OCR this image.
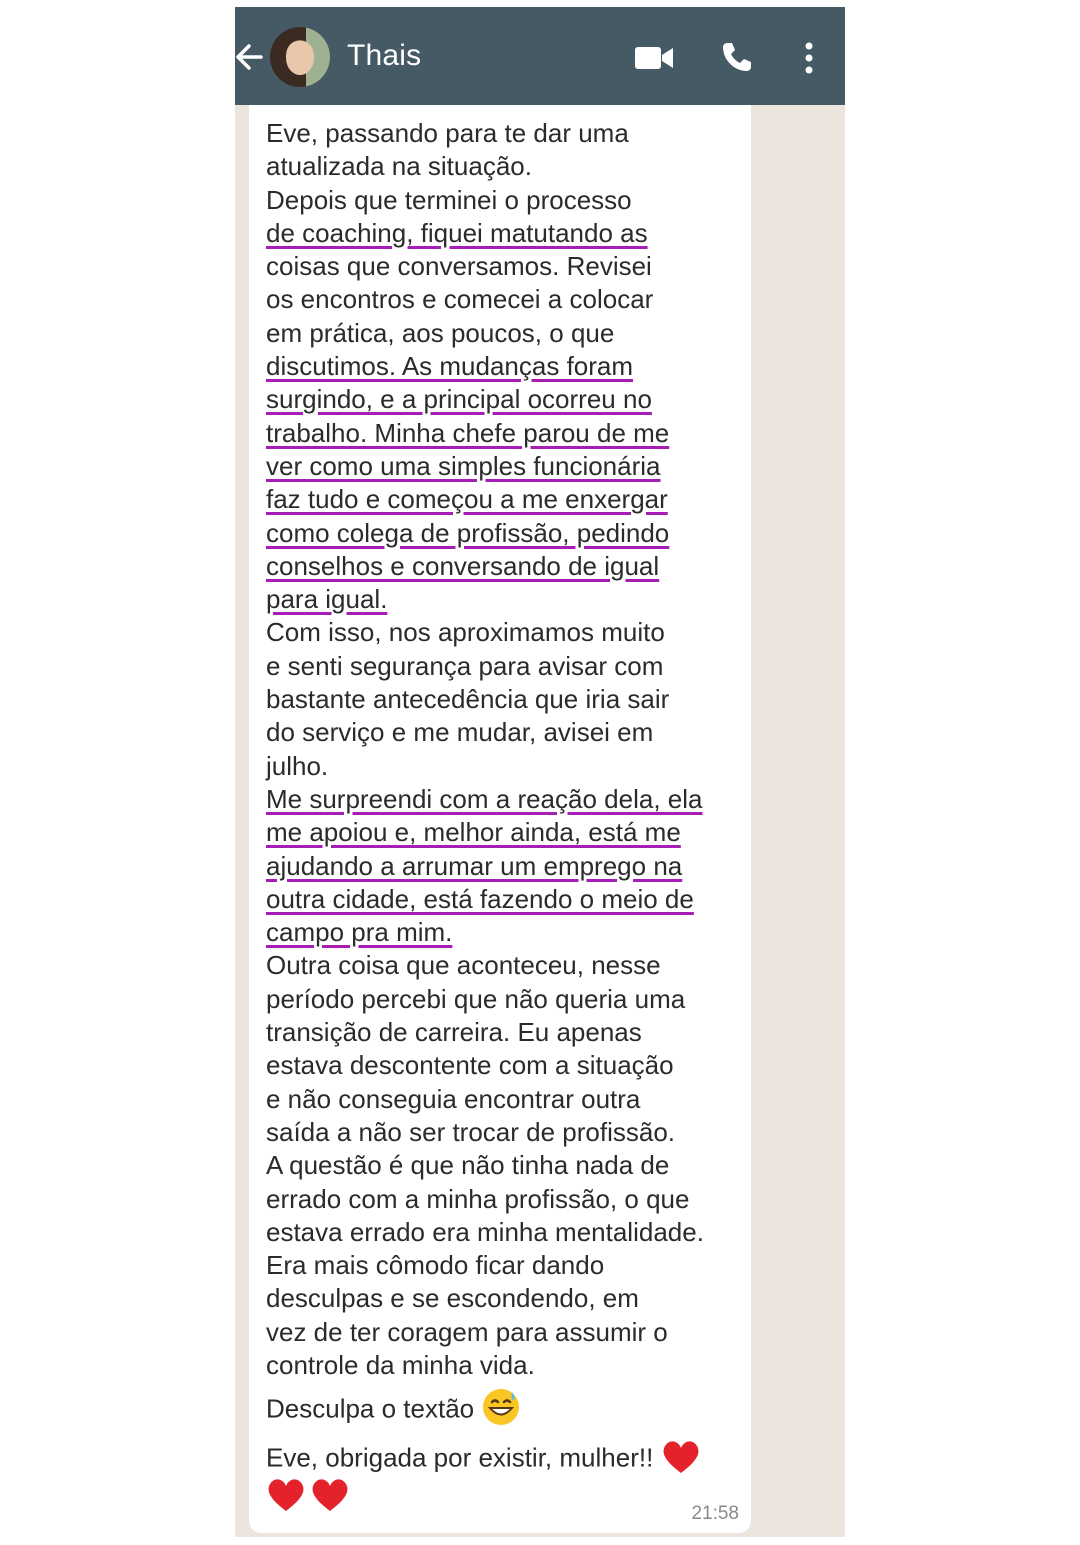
Thais
Eve, passando para te dar uma
atualizada na situação.
Depois que terminei o processo
de coaching, fiquei matutando as
coisas que conversamos. Revisei
os encontros e comecei a colocar
em prática, aos poucos, o que
discutimos. As mudanças foram
surgindo, e a principal ocorreu no
trabalho. Minha chefe parou de me
ver como uma simples funcionária
faz tudo e começou a me enxergar
como colega de profissão, pedindo
conselhos e conversando de igual
para igual.
Com isso, nos aproximamos muito
e senti segurança para avisar com
bastante antecedência que iria sair
do serviço e me mudar, avisei em
julho.
Me surpreendi com a reação dela, ela
me apoiou e, melhor ainda, está me
ajudando a arrumar um emprego na
outra cidade, está fazendo o meio de
campo pra mim.
Outra coisa que aconteceu, nesse
período percebi que não queria uma
transição de carreira. Eu apenas
estava descontente com a situação
e não conseguia encontrar outra
saída a não ser trocar de profissão.
A questão é que não tinha nada de
errado com a minha profissão, o que
estava errado era minha mentalidade.
Era mais cômodo ficar dando
desculpas e se escondendo, em
vez de ter coragem para assumir o
controle da minha vida.
Desculpa o textão
Eve, obrigada por existir, mulher!!

21:58
